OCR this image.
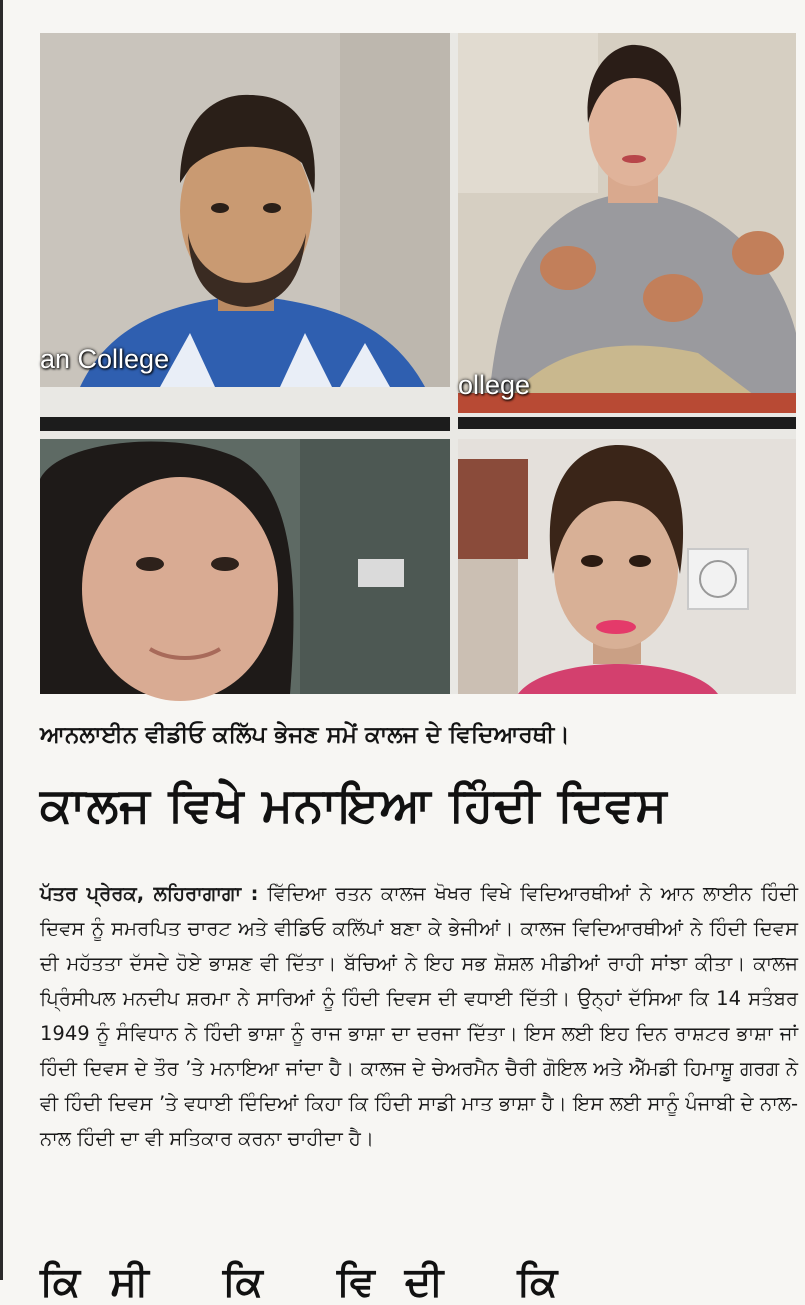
an College
ollege
ਆਨਲਾਈਨ ਵੀਡੀਓ ਕਲਿੱਪ ਭੇਜਣ ਸਮੇਂ ਕਾਲਜ ਦੇ ਵਿਦਿਆਰਥੀ।
ਕਾਲਜ ਵਿਖੇ ਮਨਾਇਆ ਹਿੰਦੀ ਦਿਵਸ
ਪੱਤਰ ਪ੍ਰੇਰਕ, ਲਹਿਰਾਗਾਗਾ : ਵਿੱਦਿਆ ਰਤਨ ਕਾਲਜ ਖੋਖਰ ਵਿਖੇ ਵਿਦਿਆਰਥੀਆਂ ਨੇ ਆਨ ਲਾਈਨ ਹਿੰਦੀ ਦਿਵਸ ਨੂੰ ਸਮਰਪਿਤ ਚਾਰਟ ਅਤੇ ਵੀਡਿਓ ਕਲਿੱਪਾਂ ਬਣਾ ਕੇ ਭੇਜੀਆਂ। ਕਾਲਜ ਵਿਦਿਆਰਥੀਆਂ ਨੇ ਹਿੰਦੀ ਦਿਵਸ ਦੀ ਮਹੱਤਤਾ ਦੱਸਦੇ ਹੋਏ ਭਾਸ਼ਣ ਵੀ ਦਿੱਤਾ। ਬੱਚਿਆਂ ਨੇ ਇਹ ਸਭ ਸ਼ੋਸ਼ਲ ਮੀਡੀਆਂ ਰਾਹੀ ਸਾਂਝਾ ਕੀਤਾ। ਕਾਲਜ ਪ੍ਰਿੰਸੀਪਲ ਮਨਦੀਪ ਸ਼ਰਮਾ ਨੇ ਸਾਰਿਆਂ ਨੂੰ ਹਿੰਦੀ ਦਿਵਸ ਦੀ ਵਧਾਈ ਦਿੱਤੀ। ਉਨ੍ਹਾਂ ਦੱਸਿਆ ਕਿ 14 ਸਤੰਬਰ 1949 ਨੂੰ ਸੰਵਿਧਾਨ ਨੇ ਹਿੰਦੀ ਭਾਸ਼ਾ ਨੂੰ ਰਾਜ ਭਾਸ਼ਾ ਦਾ ਦਰਜਾ ਦਿੱਤਾ। ਇਸ ਲਈ ਇਹ ਦਿਨ ਰਾਸ਼ਟਰ ਭਾਸ਼ਾ ਜਾਂ ਹਿੰਦੀ ਦਿਵਸ ਦੇ ਤੌਰ ’ਤੇ ਮਨਾਇਆ ਜਾਂਦਾ ਹੈ। ਕਾਲਜ ਦੇ ਚੇਅਰਮੈਨ ਚੈਰੀ ਗੋਇਲ ਅਤੇ ਐੱਮਡੀ ਹਿਮਾਸ਼ੂ ਗਰਗ ਨੇ ਵੀ ਹਿੰਦੀ ਦਿਵਸ ’ਤੇ ਵਧਾਈ ਦਿੰਦਿਆਂ ਕਿਹਾ ਕਿ ਹਿੰਦੀ ਸਾਡੀ ਮਾਤ ਭਾਸ਼ਾ ਹੈ। ਇਸ ਲਈ ਸਾਨੂੰ ਪੰਜਾਬੀ ਦੇ ਨਾਲ-ਨਾਲ ਹਿੰਦੀ ਦਾ ਵੀ ਸਤਿਕਾਰ ਕਰਨਾ ਚਾਹੀਦਾ ਹੈ।
ਕਿਸੀ ਕਿ ਵਿਦੀ ਕਿ
